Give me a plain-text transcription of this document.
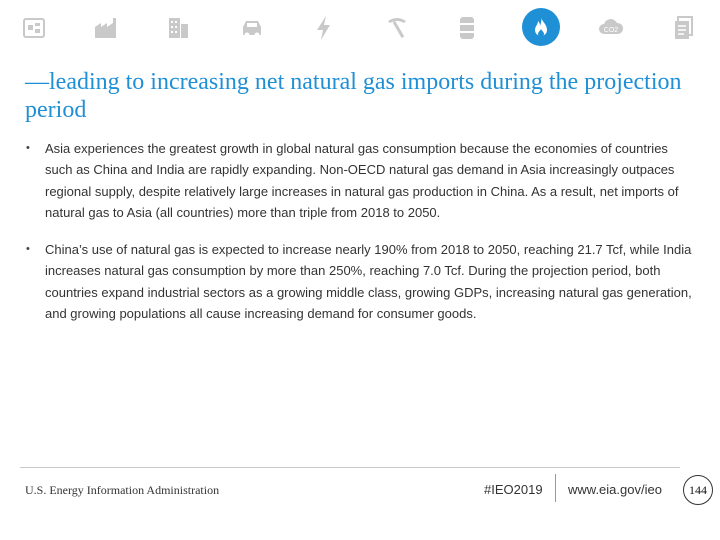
CO2
—leading to increasing net natural gas imports during the projection period
• Asia experiences the greatest growth in global natural gas consumption because the economies of countries such as China and India are rapidly expanding. Non-OECD natural gas demand in Asia increasingly outpaces regional supply, despite relatively large increases in natural gas production in China. As a result, net imports of natural gas to Asia (all countries) more than triple from 2018 to 2050.
• China’s use of natural gas is expected to increase nearly 190% from 2018 to 2050, reaching 21.7 Tcf, while India increases natural gas consumption by more than 250%, reaching 7.0 Tcf. During the projection period, both countries expand industrial sectors as a growing middle class, growing GDPs, increasing natural gas generation, and growing populations all cause increasing demand for consumer goods.
U.S. Energy Information Administration	#IEO2019 www.eia.gov/ieo 144
